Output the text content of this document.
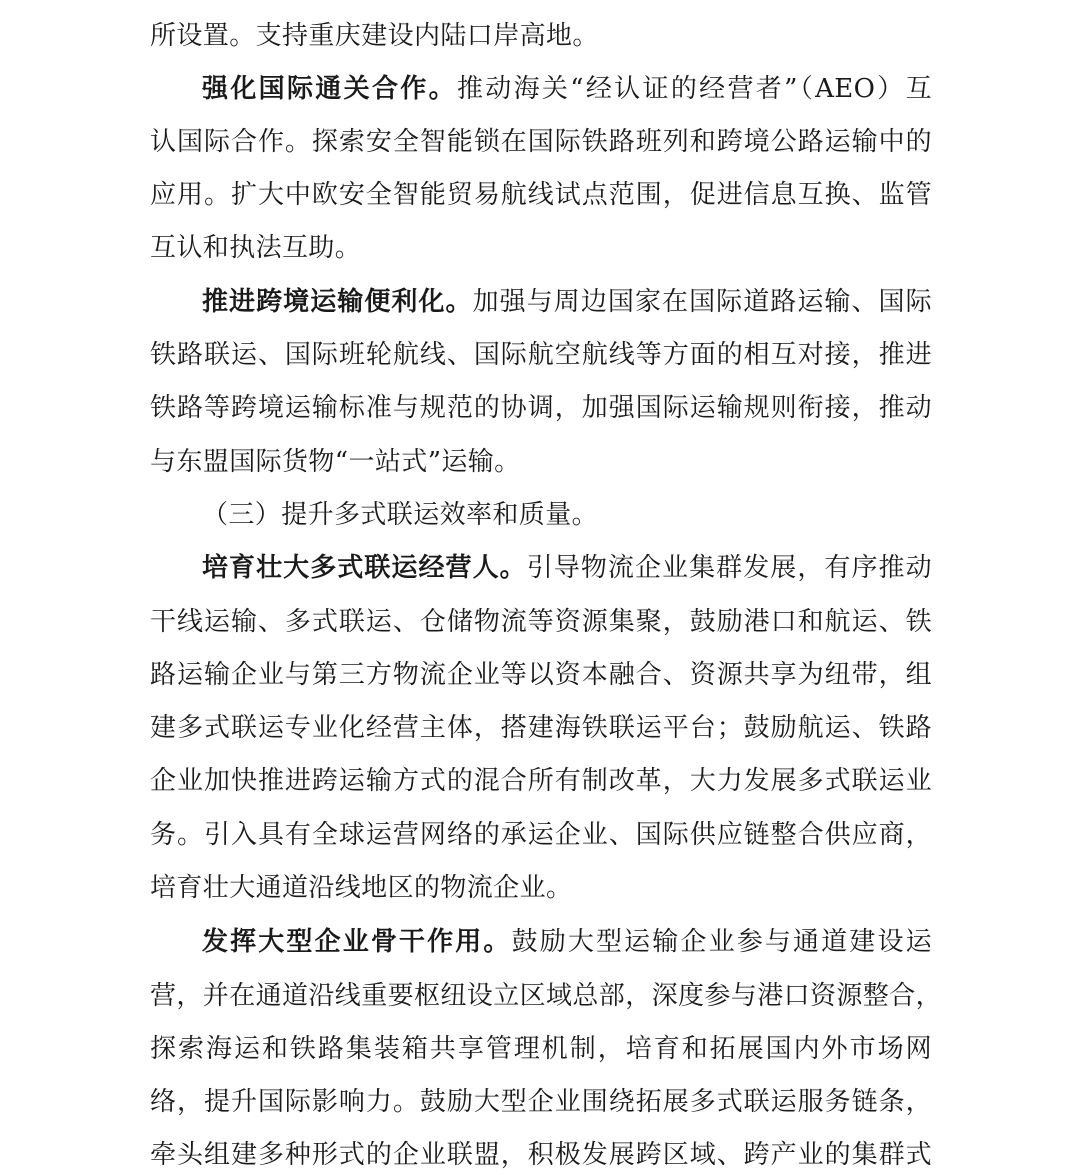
所设置。支持重庆建设内陆口岸高地。
强化国际通关合作。推动海关“经认证的经营者”（AEO）互
认国际合作。探索安全智能锁在国际铁路班列和跨境公路运输中的
应用。扩大中欧安全智能贸易航线试点范围，促进信息互换、监管
互认和执法互助。
推进跨境运输便利化。加强与周边国家在国际道路运输、国际
铁路联运、国际班轮航线、国际航空航线等方面的相互对接，推进
铁路等跨境运输标准与规范的协调，加强国际运输规则衔接，推动
与东盟国际货物“一站式”运输。
（三）提升多式联运效率和质量。
培育壮大多式联运经营人。引导物流企业集群发展，有序推动
干线运输、多式联运、仓储物流等资源集聚，鼓励港口和航运、铁
路运输企业与第三方物流企业等以资本融合、资源共享为纽带，组
建多式联运专业化经营主体，搭建海铁联运平台；鼓励航运、铁路
企业加快推进跨运输方式的混合所有制改革，大力发展多式联运业
务。引入具有全球运营网络的承运企业、国际供应链整合供应商，
培育壮大通道沿线地区的物流企业。
发挥大型企业骨干作用。鼓励大型运输企业参与通道建设运
营，并在通道沿线重要枢纽设立区域总部，深度参与港口资源整合，
探索海运和铁路集装箱共享管理机制，培育和拓展国内外市场网
络，提升国际影响力。鼓励大型企业围绕拓展多式联运服务链条，
牵头组建多种形式的企业联盟，积极发展跨区域、跨产业的集群式
